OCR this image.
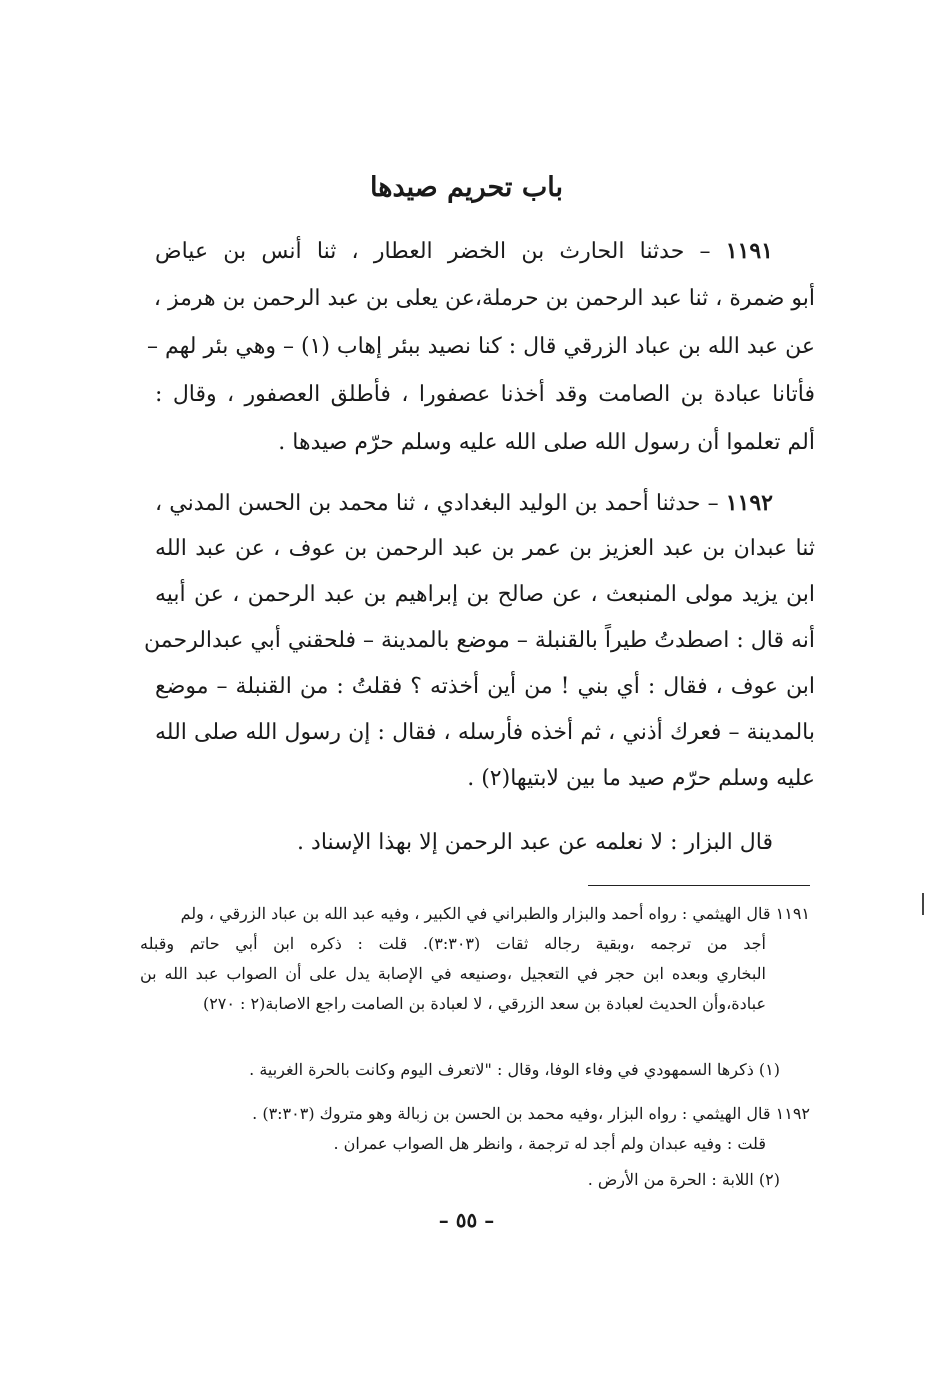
باب تحريم صيدها
١١٩١ – حدثنا الحارث بن الخضر العطار ، ثنا أنس بن عياض
أبو ضمرة ، ثنا عبد الرحمن بن حرملة،عن يعلى بن عبد الرحمن بن هرمز ،
عن عبد الله بن عباد الزرقي قال : كنا نصيد ببئر إهاب (١) – وهي بئر لهم –
فأتانا عبادة بن الصامت وقد أخذنا عصفورا ، فأطلق العصفور ، وقال :
ألم تعلموا أن رسول الله صلى الله عليه وسلم حرّم صيدها .
١١٩٢ – حدثنا أحمد بن الوليد البغدادي ، ثنا محمد بن الحسن المدني ،
ثنا عبدان بن عبد العزيز بن عمر بن عبد الرحمن بن عوف ، عن عبد الله
ابن يزيد مولى المنبعث ، عن صالح بن إبراهيم بن عبد الرحمن ، عن أبيه
أنه قال : اصطدتُ طيراً بالقنبلة – موضع بالمدينة – فلحقني أبي عبدالرحمن
ابن عوف ، فقال : أي بني ! من أين أخذته ؟ فقلتُ : من القنبلة – موضع
بالمدينة – فعرك أذني ، ثم أخذه فأرسله ، فقال : إن رسول الله صلى الله
عليه وسلم حرّم صيد ما بين لابتيها(٢) .
قال البزار : لا نعلمه عن عبد الرحمن إلا بهذا الإسناد .
١١٩١ قال الهيثمي : رواه أحمد والبزار والطبراني في الكبير ، وفيه عبد الله بن عباد الزرقي ، ولم
أجد من ترجمه ،وبقية رجاله ثقات (٣:٣٠٣). قلت : ذكره ابن أبي حاتم وقبله
البخاري وبعده ابن حجر في التعجيل ،وصنيعه في الإصابة يدل على أن الصواب عبد الله بن
عبادة،وأن الحديث لعبادة بن سعد الزرقي ، لا لعبادة بن الصامت راجع الاصابة(٢ : ٢٧٠)
(١) ذكرها السمهودي في وفاء الوفا، وقال : "لاتعرف اليوم وكانت بالحرة الغربية .
١١٩٢ قال الهيثمي : رواه البزار ،وفيه محمد بن الحسن بن زبالة وهو متروك (٣:٣٠٣) .
قلت : وفيه عبدان ولم أجد له ترجمة ، وانظر هل الصواب عمران .
(٢) اللابة : الحرة من الأرض .
– ٥٥ –
